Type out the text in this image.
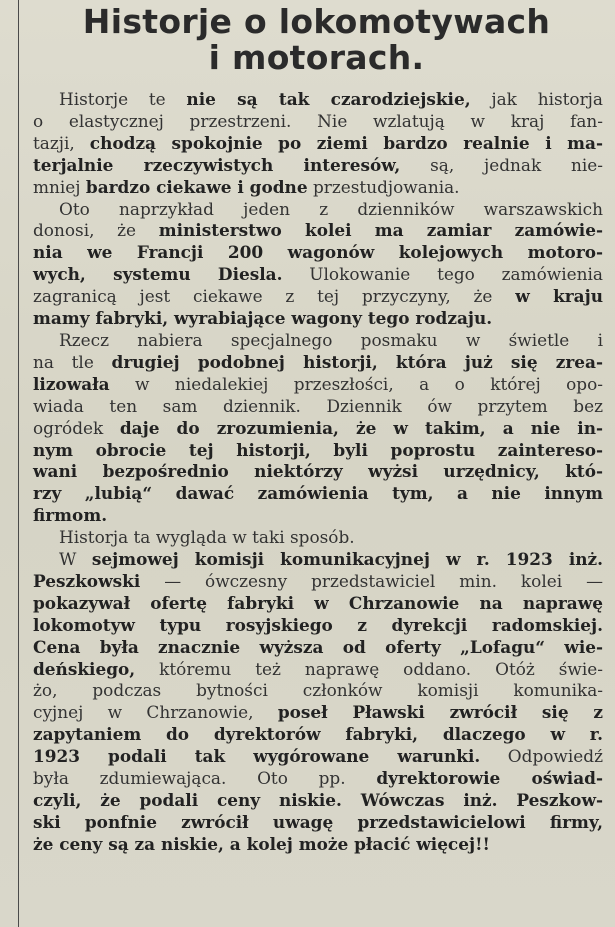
Historje o lokomotywach
i motorach.
Historje te nie są tak czarodziejskie, jak historja
o elastycznej przestrzeni. Nie wzlatują w kraj fan-
tazji, chodzą spokojnie po ziemi bardzo realnie i ma-
terjalnie rzeczywistych interesów, są, jednak nie-
mniej bardzo ciekawe i godne przestudjowania.
Oto naprzykład jeden z dzienników warszawskich
donosi, że ministerstwo kolei ma zamiar zamówie-
nia we Francji 200 wagonów kolejowych motoro-
wych, systemu Diesla. Ulokowanie tego zamówienia
zagranicą jest ciekawe z tej przyczyny, że w kraju
mamy fabryki, wyrabiające wagony tego rodzaju.
Rzecz nabiera specjalnego posmaku w świetle i
na tle drugiej podobnej historji, która już się zrea-
lizowała w niedalekiej przeszłości, a o której opo-
wiada ten sam dziennik. Dziennik ów przytem bez
ogródek daje do zrozumienia, że w takim, a nie in-
nym obrocie tej historji, byli poprostu zaintereso-
wani bezpośrednio niektórzy wyżsi urzędnicy, któ-
rzy „lubią“ dawać zamówienia tym, a nie innym
firmom.
Historja ta wygląda w taki sposób.
W sejmowej komisji komunikacyjnej w r. 1923 inż.
Peszkowski — ówczesny przedstawiciel min. kolei —
pokazywał ofertę fabryki w Chrzanowie na naprawę
lokomotyw typu rosyjskiego z dyrekcji radomskiej.
Cena była znacznie wyższa od oferty „Lofagu“ wie-
deńskiego, któremu też naprawę oddano. Otóż świe-
żo, podczas bytności członków komisji komunika-
cyjnej w Chrzanowie, poseł Pławski zwrócił się z
zapytaniem do dyrektorów fabryki, dlaczego w r.
1923 podali tak wygórowane warunki. Odpowiedź
była zdumiewająca. Oto pp. dyrektorowie oświad-
czyli, że podali ceny niskie. Wówczas inż. Peszkow-
ski ponfnie zwrócił uwagę przedstawicielowi firmy,
że ceny są za niskie, a kolej może płacić więcej!!
